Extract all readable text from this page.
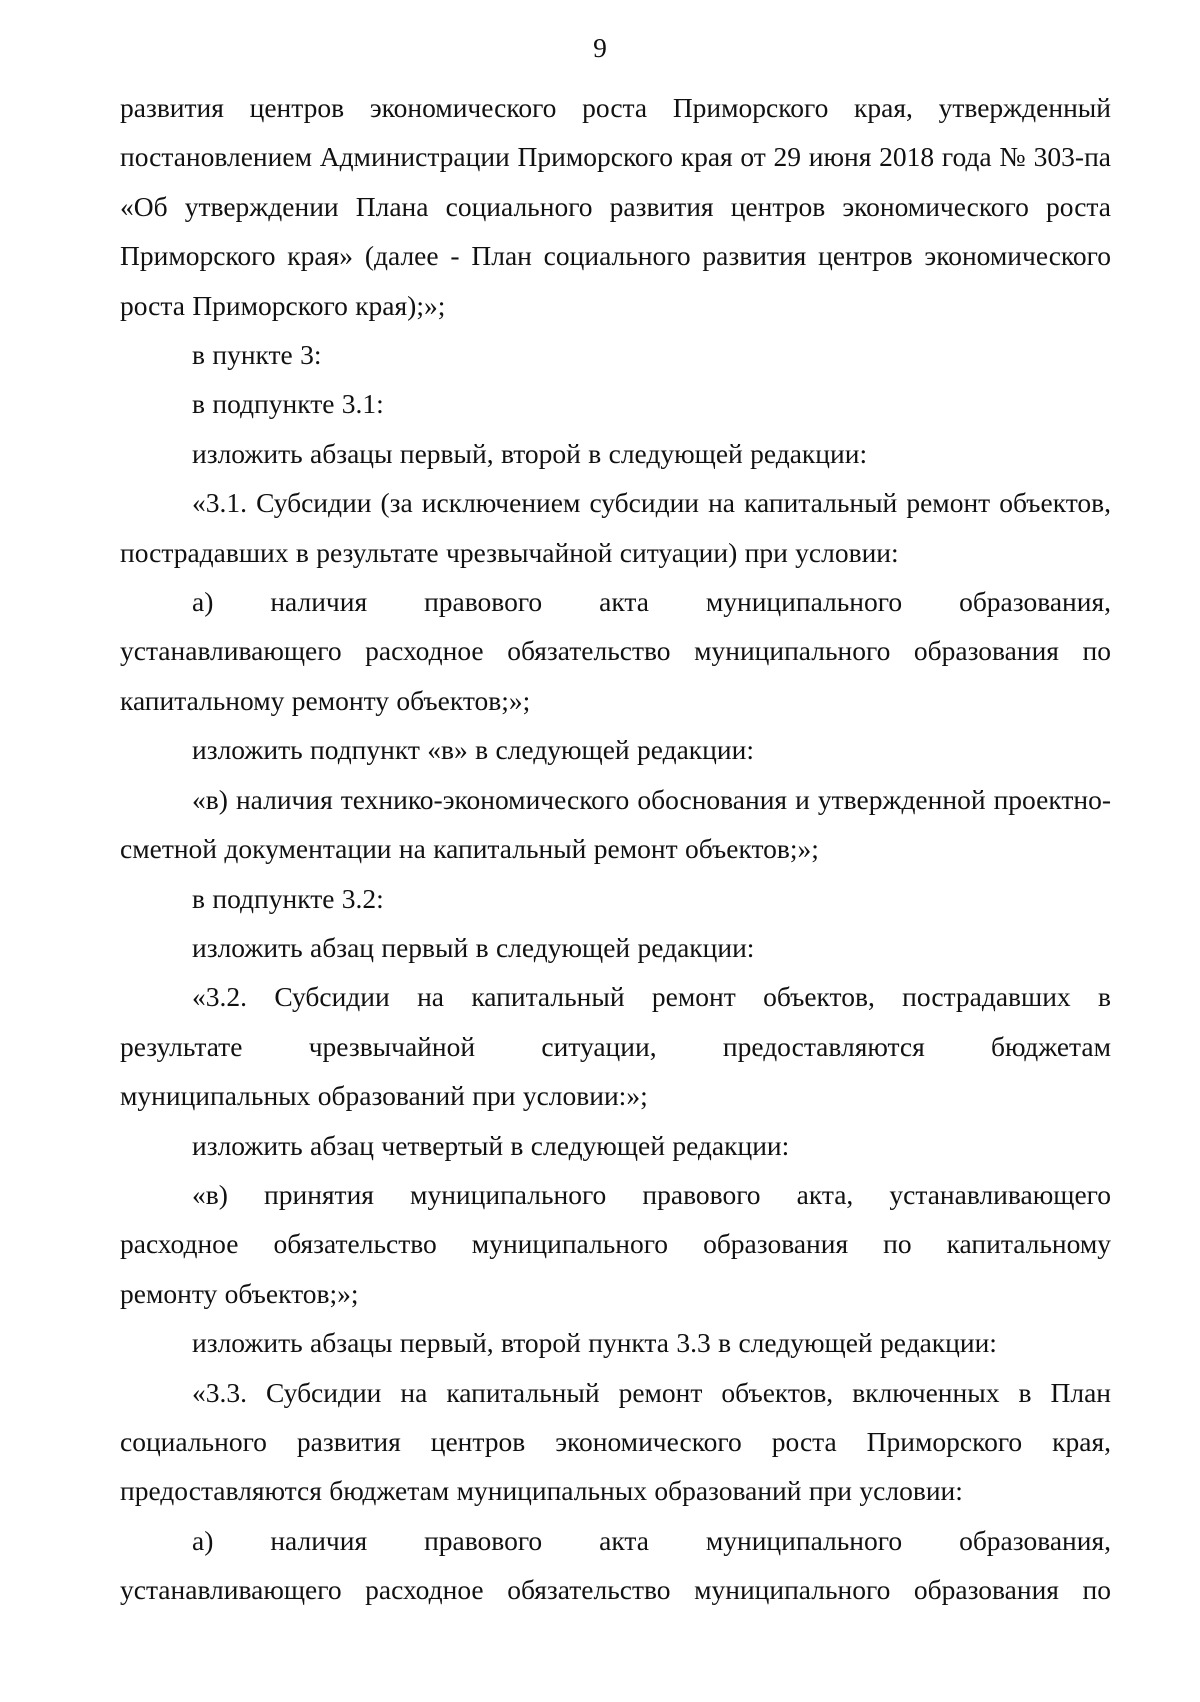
9

развития центров экономического роста Приморского края, утвержденный постановлением Администрации Приморского края от 29 июня 2018 года № 303-па «Об утверждении Плана социального развития центров экономического роста Приморского края» (далее - План социального развития центров экономического роста Приморского края);»;

в пункте 3:

в подпункте 3.1:

изложить абзацы первый, второй в следующей редакции:

«3.1. Субсидии (за исключением субсидии на капитальный ремонт объектов, пострадавших в результате чрезвычайной ситуации) при условии:

а) наличия правового акта муниципального образования,

устанавливающего расходное обязательство муниципального образования по капитальному ремонту объектов;»;

изложить подпункт «в» в следующей редакции:

«в) наличия технико-экономического обоснования и утвержденной проектно-сметной документации на капитальный ремонт объектов;»;

в подпункте 3.2:

изложить абзац первый в следующей редакции:

«3.2. Субсидии на капитальный ремонт объектов, пострадавших в

результате чрезвычайной ситуации, предоставляются бюджетам

муниципальных образований при условии:»;

изложить абзац четвертый в следующей редакции:

«в) принятия муниципального правового акта, устанавливающего

расходное обязательство муниципального образования по капитальному

ремонту объектов;»;

изложить абзацы первый, второй пункта 3.3 в следующей редакции:

«3.3. Субсидии на капитальный ремонт объектов, включенных в План социального развития центров экономического роста Приморского края, предоставляются бюджетам муниципальных образований при условии:

а) наличия правового акта муниципального образования,

устанавливающего расходное обязательство муниципального образования по
